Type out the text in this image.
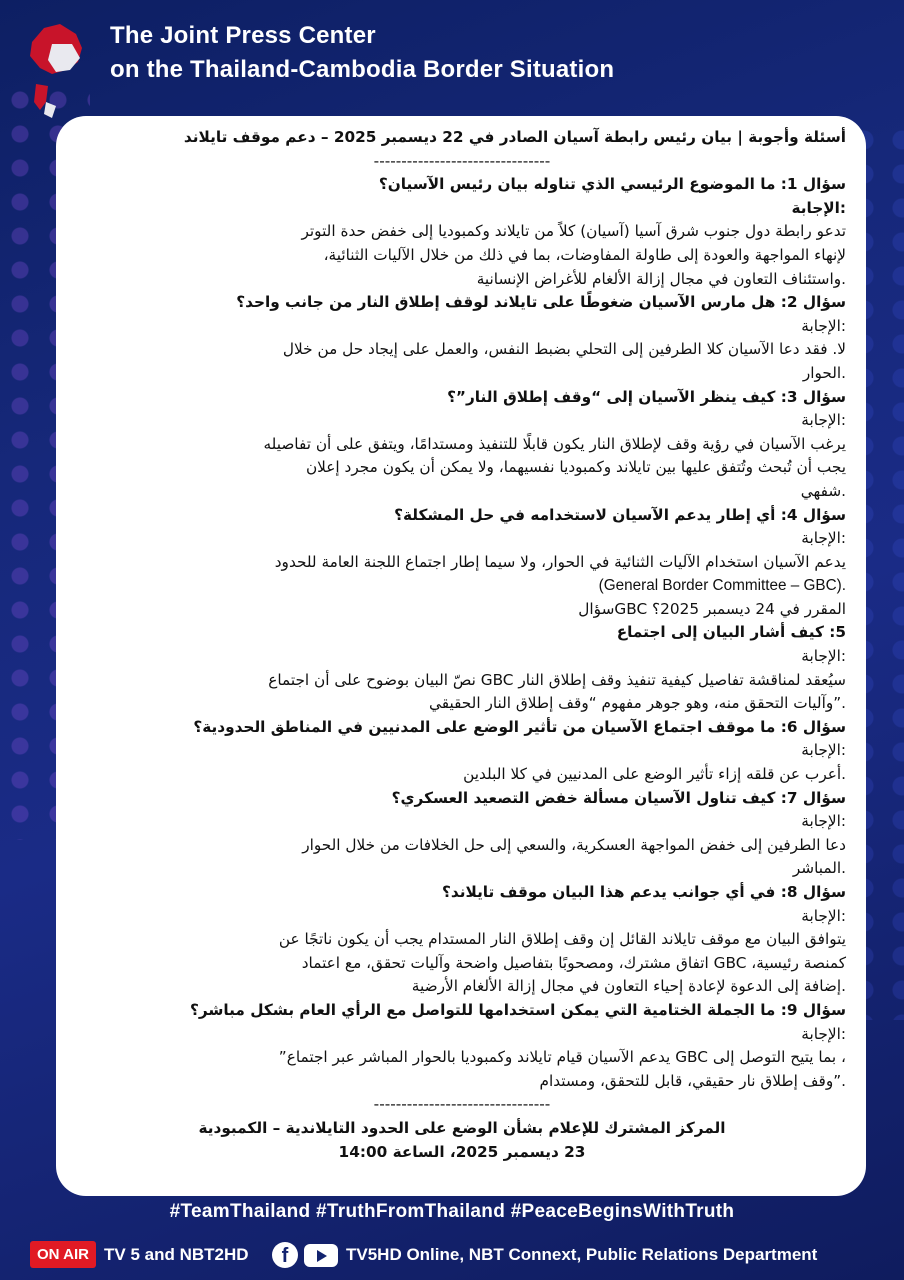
The Joint Press Center
on the Thailand-Cambodia Border Situation
أسئلة وأجوبة | بيان رئيس رابطة آسيان الصادر في 22 ديسمبر 2025 – دعم موقف تايلاند
--------------------------------
سؤال 1: ما الموضوع الرئيسي الذي تناوله بيان رئيس الآسيان؟
:الإجابة
تدعو رابطة دول جنوب شرق آسيا (آسيان) كلاً من تايلاند وكمبوديا إلى خفض حدة التوتر
لإنهاء المواجهة والعودة إلى طاولة المفاوضات، بما في ذلك من خلال الآليات الثنائية،
.واستئناف التعاون في مجال إزالة الألغام للأغراض الإنسانية
سؤال 2: هل مارس الآسيان ضغوطًا على تايلاند لوقف إطلاق النار من جانب واحد؟
:الإجابة
لا. فقد دعا الآسيان كلا الطرفين إلى التحلي بضبط النفس، والعمل على إيجاد حل من خلال
.الحوار
سؤال 3: كيف ينظر الآسيان إلى “وقف إطلاق النار”؟
:الإجابة
يرغب الآسيان في رؤية وقف لإطلاق النار يكون قابلًا للتنفيذ ومستدامًا، ويتفق على أن تفاصيله
يجب أن تُبحث وتُتفق عليها بين تايلاند وكمبوديا نفسيهما، ولا يمكن أن يكون مجرد إعلان
.شفهي
سؤال 4: أي إطار يدعم الآسيان لاستخدامه في حل المشكلة؟
:الإجابة
يدعم الآسيان استخدام الآليات الثنائية في الحوار، ولا سيما إطار اجتماع اللجنة العامة للحدود
(General Border Committee – GBC).
المقرر في 24 ديسمبر 2025؟ GBCسؤال
5: كيف أشار البيان إلى اجتماع
:الإجابة
سيُعقد لمناقشة تفاصيل كيفية تنفيذ وقف إطلاق النار GBC نصّ البيان بوضوح على أن اجتماع
.”وآليات التحقق منه، وهو جوهر مفهوم “وقف إطلاق النار الحقيقي
سؤال 6: ما موقف اجتماع الآسيان من تأثير الوضع على المدنيين في المناطق الحدودية؟
:الإجابة
.أعرب عن قلقه إزاء تأثير الوضع على المدنيين في كلا البلدين
سؤال 7: كيف تناول الآسيان مسألة خفض التصعيد العسكري؟
:الإجابة
دعا الطرفين إلى خفض المواجهة العسكرية، والسعي إلى حل الخلافات من خلال الحوار
.المباشر
سؤال 8: في أي جوانب يدعم هذا البيان موقف تايلاند؟
:الإجابة
يتوافق البيان مع موقف تايلاند القائل إن وقف إطلاق النار المستدام يجب أن يكون ناتجًا عن
كمنصة رئيسية، GBC اتفاق مشترك، ومصحوبًا بتفاصيل واضحة وآليات تحقق، مع اعتماد
.إضافة إلى الدعوة لإعادة إحياء التعاون في مجال إزالة الألغام الأرضية
سؤال 9: ما الجملة الختامية التي يمكن استخدامها للتواصل مع الرأي العام بشكل مباشر؟
:الإجابة
، بما يتيح التوصل إلى GBC يدعم الآسيان قيام تايلاند وكمبوديا بالحوار المباشر عبر اجتماع”
.”وقف إطلاق نار حقيقي، قابل للتحقق، ومستدام
--------------------------------
المركز المشترك للإعلام بشأن الوضع على الحدود التايلاندية – الكمبودية
23 ديسمبر 2025، الساعة 14:00
#TeamThailand #TruthFromThailand #PeaceBeginsWithTruth
ON AIR TV 5 and NBT2HD	f	TV5HD Online, NBT Connext, Public Relations Department
